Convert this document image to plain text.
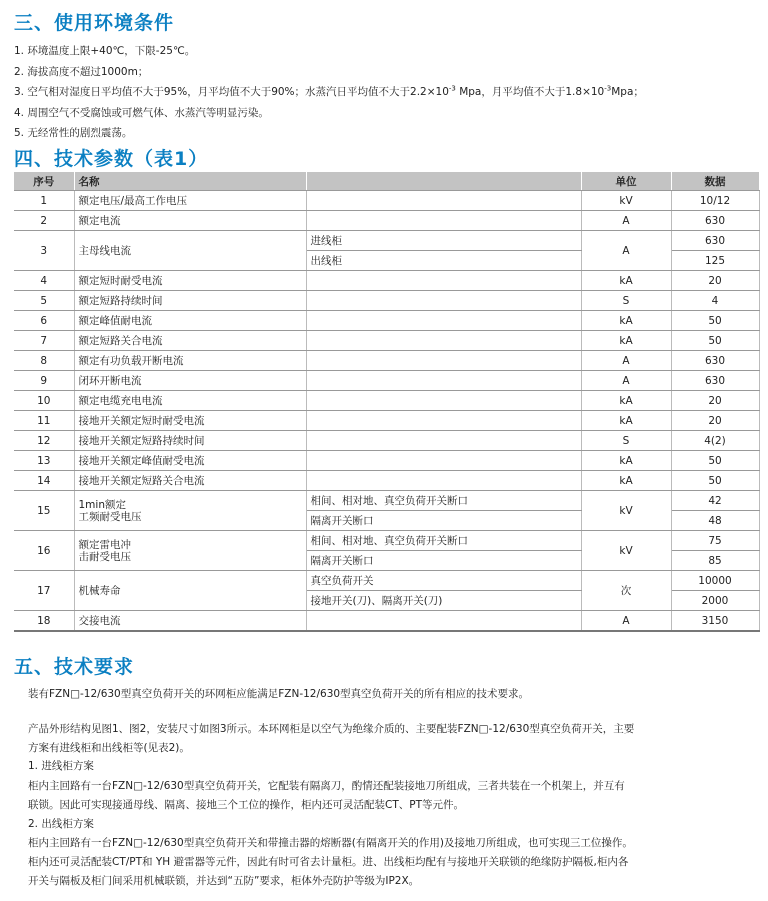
三、使用环境条件

1. 环境温度上限+40℃，下限-25℃。

2. 海拔高度不超过1000m；

3. 空气相对湿度日平均值不大于95%，月平均值不大于90%；水蒸汽日平均值不大于$2.2\times 10^{-3}$ Mpa，月平均值不大于$1.8\times 10^{-3}Mpa$；

4. 周围空气不受腐蚀或可燃气体、水蒸汽等明显污染。

5. 无经常性的剧烈震荡。

四、技术参数（表1）
序号	名称		单位	数据
1	额定电压/最高工作电压		kV	10/12
2	额定电流		A	630
3	主母线电流	进线柜	A	630
		出线柜		125
4	额定短时耐受电流		kA	20
5	额定短路持续时间		S	4
6	额定峰值耐电流		kA	50
7	额定短路关合电流		kA	50
8	额定有功负载开断电流		A	630
9	闭环开断电流		A	630
10	额定电缆充电电流		kA	20
11	接地开关额定短时耐受电流		kA	20
12	接地开关额定短路持续时间		S	4(2)
13	接地开关额定峰值耐受电流		kA	50
14	接地开关额定短路关合电流		kA	50
15	1min额定
工频耐受电压	相间、相对地、真空负荷开关断口	kV	42
		隔离开关断口		48
16	额定雷电冲
击耐受电压	相间、相对地、真空负荷开关断口	kV	75
		隔离开关断口		85
17	机械寿命	真空负荷开关	次	10000
		接地开关(刀)、隔离开关(刀)		2000
18	交接电流		A	3150
五、技术要求

装有FZN□-12/630型真空负荷开关的环网柜应能满足FZN-12/630型真空负荷开关的所有相应的技术要求。

产品外形结构见图1、图2，安装尺寸如图3所示。本环网柜是以空气为绝缘介质的、主要配装FZN□-12/630型真空负荷开关，主要

方案有进线柜和出线柜等(见表2)。

1. 进线柜方案

柜内主回路有一台FZN□-12/630型真空负荷开关，它配装有隔离刀，酌情还配装接地刀所组成，三者共装在一个机架上，并互有

联锁。因此可实现接通母线、隔离、接地三个工位的操作，柜内还可灵活配装CT、PT等元件。

2. 出线柜方案

柜内主回路有一台FZN□-12/630型真空负荷开关和带撞击器的熔断器(有隔离开关的作用)及接地刀所组成，也可实现三工位操作。

柜内还可灵活配装CT/PT和 YH 避雷器等元件，因此有时可省去计量柜。进、出线柜均配有与接地开关联锁的绝缘防护隔板,柜内各

开关与隔板及柜门间采用机械联锁，并达到“五防”要求，柜体外壳防护等级为IP2X。
